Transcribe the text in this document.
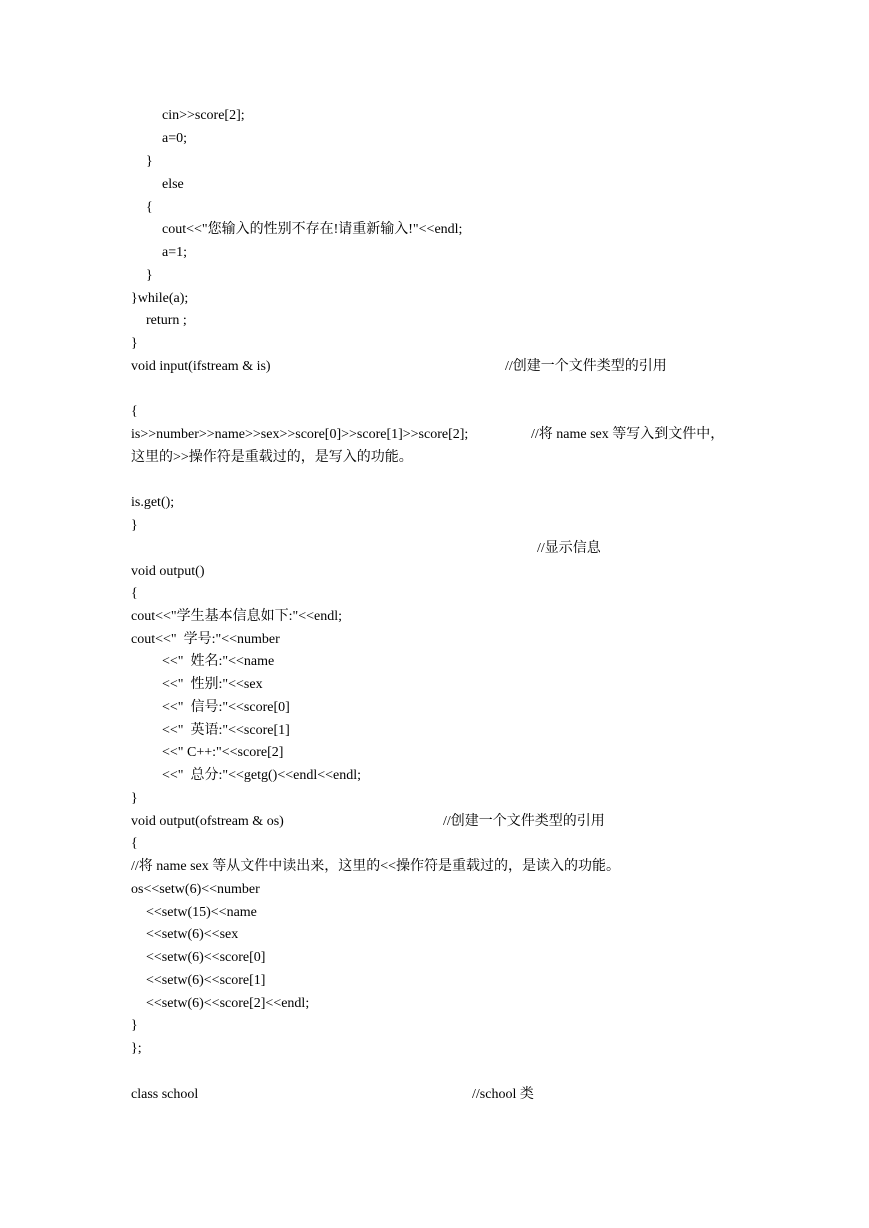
cin>>score[2];
a=0;
}
else
{
cout<<"您输入的性别不存在!请重新输入!"<<endl;
a=1;
}
}while(a);
return ;
}
void input(ifstream & is)	//创建一个文件类型的引用
{
is>>number>>name>>sex>>score[0]>>score[1]>>score[2];	//将 name sex 等写入到文件中，
这里的>>操作符是重载过的，是写入的功能。
is.get();
}
//显示信息
void output()
{
cout<<"学生基本信息如下:"<<endl;
cout<<"  学号:"<<number
<<"  姓名:"<<name
<<"  性别:"<<sex
<<"  信号:"<<score[0]
<<"  英语:"<<score[1]
<<" C++:"<<score[2]
<<"  总分:"<<getg()<<endl<<endl;
}
void output(ofstream & os)	//创建一个文件类型的引用
{
//将 name sex 等从文件中读出来，这里的<<操作符是重载过的，是读入的功能。
os<<setw(6)<<number
<<setw(15)<<name
<<setw(6)<<sex
<<setw(6)<<score[0]
<<setw(6)<<score[1]
<<setw(6)<<score[2]<<endl;
}
};
class school	//school 类
